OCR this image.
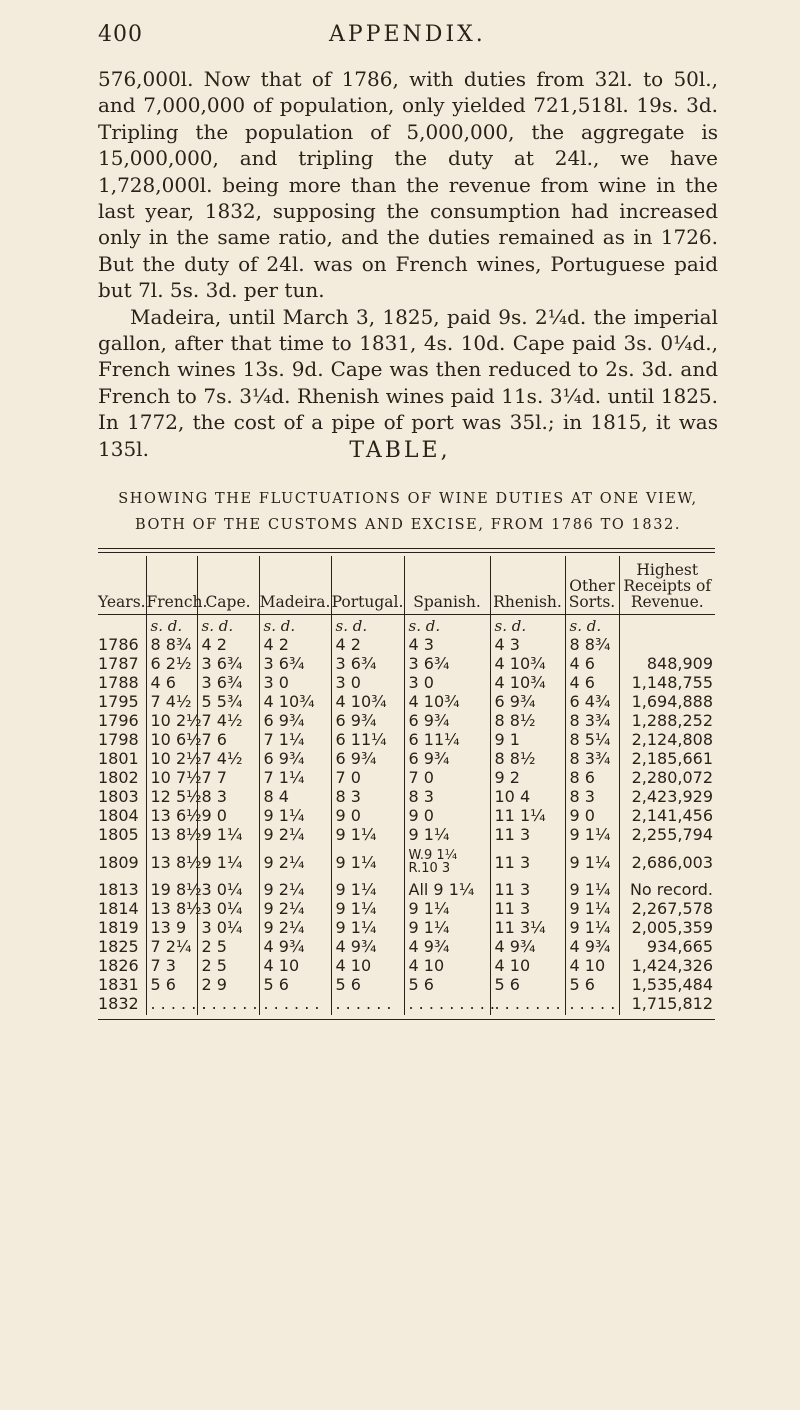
400	APPENDIX.

576,000l. Now that of 1786, with duties from 32l. to 50l., and 7,000,000 of population, only yielded 721,518l. 19s. 3d. Tripling the population of 5,000,000, the aggregate is 15,000,000, and tripling the duty at 24l., we have 1,728,000l. being more than the revenue from wine in the last year, 1832, supposing the consumption had increased only in the same ratio, and the duties remained as in 1726. But the duty of 24l. was on French wines, Portuguese paid but 7l. 5s. 3d. per tun.

Madeira, until March 3, 1825, paid 9s. 2¼d. the imperial gallon, after that time to 1831, 4s. 10d. Cape paid 3s. 0¼d., French wines 13s. 9d. Cape was then reduced to 2s. 3d. and French to 7s. 3¼d. Rhenish wines paid 11s. 3¼d. until 1825. In 1772, the cost of a pipe of port was 35l.; in 1815, it was 135l.	TABLE,
SHOWING THE FLUCTUATIONS OF WINE DUTIES AT ONE VIEW, BOTH OF THE CUSTOMS AND EXCISE, FROM 1786 TO 1832.
Years.	French.	Cape.	Madeira.	Portugal.	Spanish.	Rhenish.	Other Sorts.	Highest Receipts of Revenue.
	s. d.	s. d.	s. d.	s. d.	s. d.	s. d.	s. d.	
1786	8 8¾	4 2	4 2	4 2	4 3	4 3	8 8¾	
1787	6 2½	3 6¾	3 6¾	3 6¾	3 6¾	4 10¾	4 6	848,909
1788	4 6	3 6¾	3 0	3 0	3 0	4 10¾	4 6	1,148,755
1795	7 4½	5 5¾	4 10¾	4 10¾	4 10¾	6 9¾	6 4¾	1,694,888
1796	10 2½	7 4½	6 9¾	6 9¾	6 9¾	8 8½	8 3¾	1,288,252
1798	10 6½	7 6	7 1¼	6 11¼	6 11¼	9 1	8 5¼	2,124,808
1801	10 2½	7 4½	6 9¾	6 9¾	6 9¾	8 8½	8 3¾	2,185,661
1802	10 7½	7 7	7 1¼	7 0	7 0	9 2	8 6	2,280,072
1803	12 5½	8 3	8 4	8 3	8 3	10 4	8 3	2,423,929
1804	13 6½	9 0	9 1¼	9 0	9 0	11 1¼	9 0	2,141,456
1805	13 8½	9 1¼	9 2¼	9 1¼	9 1¼	11 3	9 1¼	2,255,794
1809	13 8½	9 1¼	9 2¼	9 1¼	W.9 1¼
R.10 3	11 3	9 1¼	2,686,003
1813	19 8½	3 0¼	9 2¼	9 1¼	All 9 1¼	11 3	9 1¼	No record.
1814	13 8½	3 0¼	9 2¼	9 1¼	9 1¼	11 3	9 1¼	2,267,578
1819	13 9	3 0¼	9 2¼	9 1¼	9 1¼	11 3¼	9 1¼	2,005,359
1825	7 2¼	2 5	4 9¾	4 9¾	4 9¾	4 9¾	4 9¾	934,665
1826	7 3	2 5	4 10	4 10	4 10	4 10	4 10	1,424,326
1831	5 6	2 9	5 6	5 6	5 6	5 6	5 6	1,535,484
1832	. . . . . .	. . . . . .	. . . . . .	. . . . . .	. . . . . . . . .	. . . . . . .	. . . . .	1,715,812
